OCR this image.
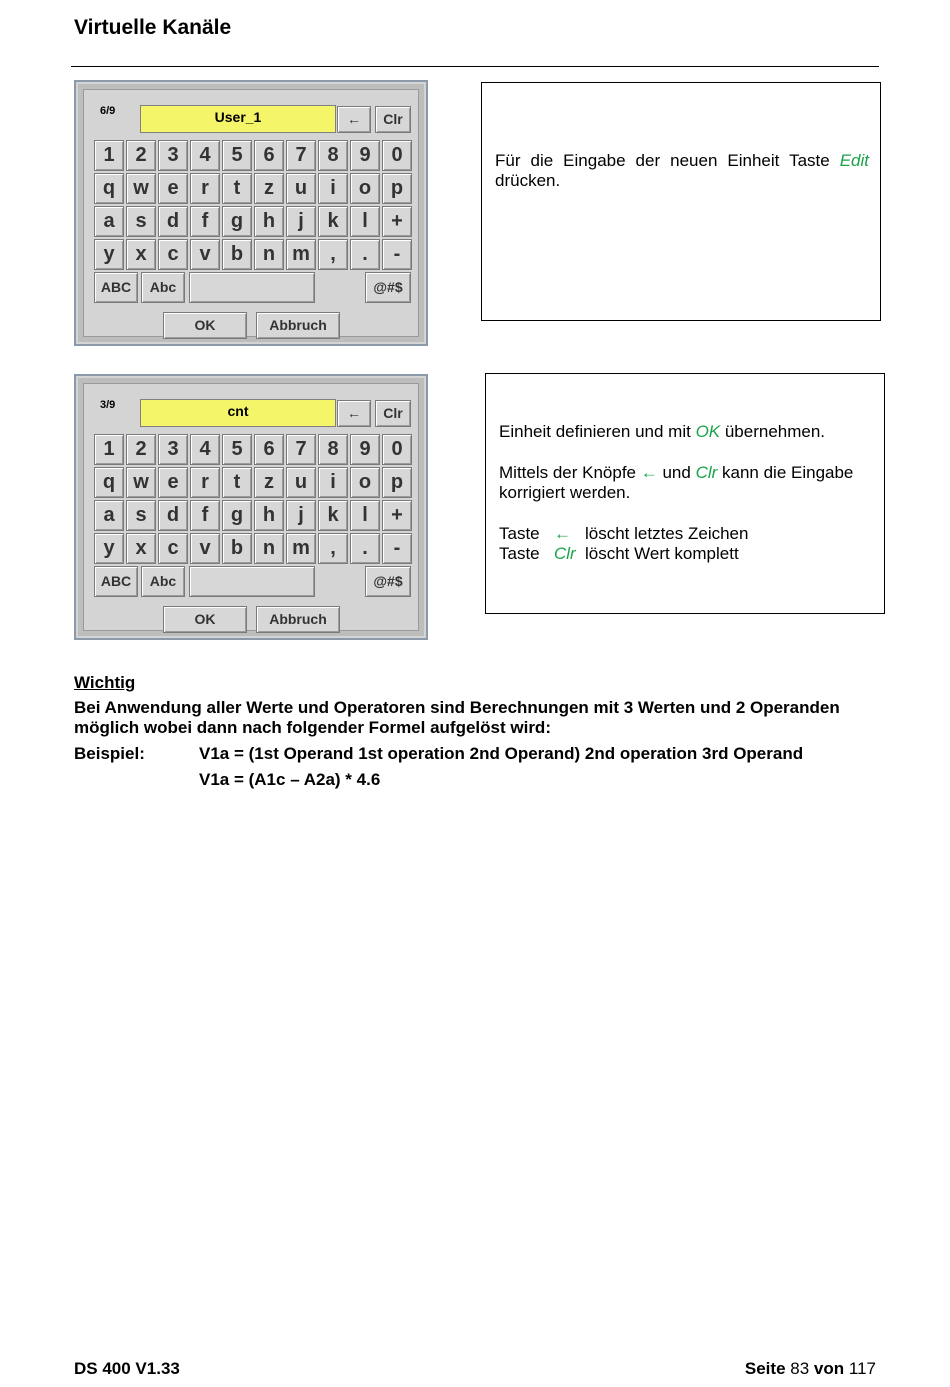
Virtuelle Kanäle
6/9	User_1	←	Clr
1	2	3	4	5	6	7	8	9	0
q w e	r	t	z	u	i	o p
a	s	d	f	g h	j	k	l	+
y	x	c	v	b n m	,	.	-
ABC	Abc	@#$
OK	Abbruch
Für die Eingabe der neuen Einheit Taste Edit
drücken.
3/9	cnt	←	Clr
1	2	3	4	5	6	7	8	9	0
q w e	r	t	z	u	i	o p
a	s	d	f	g h	j	k	l	+
y	x	c	v	b n m	,	.	-
ABC	Abc	@#$
OK	Abbruch
Einheit definieren und mit OK übernehmen.
Mittels der Knöpfe ← und Clr kann die Eingabe korrigiert werden.
Taste ← löscht letztes Zeichen
Taste Clr löscht Wert komplett
Wichtig
Bei Anwendung aller Werte und Operatoren sind Berechnungen mit 3 Werten und 2 Operanden möglich wobei dann nach folgender Formel aufgelöst wird:
Beispiel:	V1a = (1st Operand 1st operation 2nd Operand) 2nd operation 3rd Operand
V1a = (A1c – A2a) * 4.6
DS 400 V1.33	Seite 83 von 117
